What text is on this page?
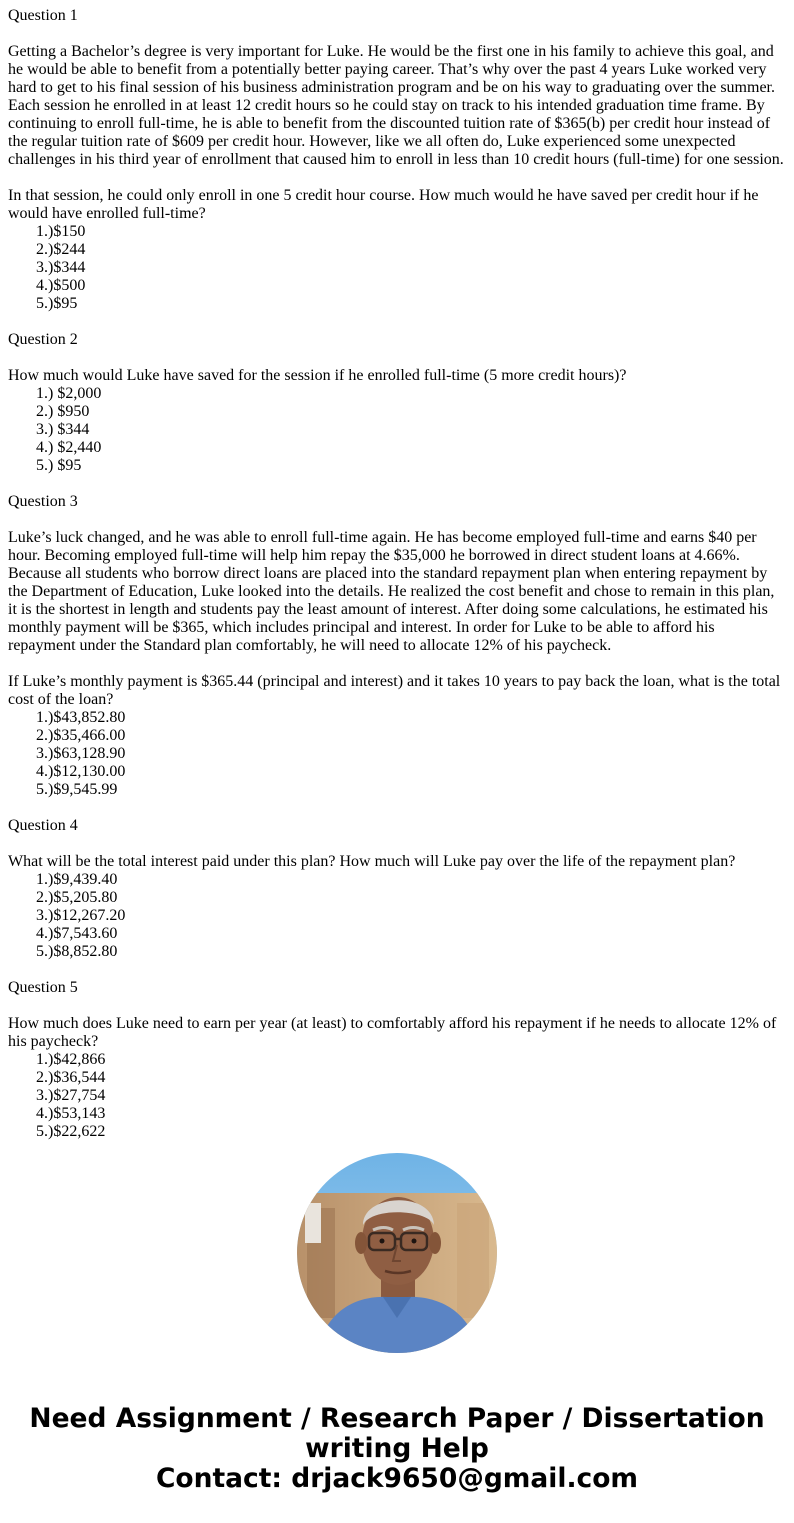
Question 1
Getting a Bachelor’s degree is very important for Luke. He would be the first one in his family to achieve this goal, and he would be able to benefit from a potentially better paying career. That’s why over the past 4 years Luke worked very hard to get to his final session of his business administration program and be on his way to graduating over the summer. Each session he enrolled in at least 12 credit hours so he could stay on track to his intended graduation time frame. By continuing to enroll full-time, he is able to benefit from the discounted tuition rate of $365(b) per credit hour instead of the regular tuition rate of $609 per credit hour. However, like we all often do, Luke experienced some unexpected challenges in his third year of enrollment that caused him to enroll in less than 10 credit hours (full-time) for one session.
In that session, he could only enroll in one 5 credit hour course. How much would he have saved per credit hour if he would have enrolled full-time?
1.)$150
2.)$244
3.)$344
4.)$500
5.)$95
Question 2
How much would Luke have saved for the session if he enrolled full-time (5 more credit hours)?
1.) $2,000
2.) $950
3.) $344
4.) $2,440
5.) $95
Question 3
Luke’s luck changed, and he was able to enroll full-time again. He has become employed full-time and earns $40 per hour. Becoming employed full-time will help him repay the $35,000 he borrowed in direct student loans at 4.66%. Because all students who borrow direct loans are placed into the standard repayment plan when entering repayment by the Department of Education, Luke looked into the details. He realized the cost benefit and chose to remain in this plan, it is the shortest in length and students pay the least amount of interest. After doing some calculations, he estimated his monthly payment will be $365, which includes principal and interest. In order for Luke to be able to afford his repayment under the Standard plan comfortably, he will need to allocate 12% of his paycheck.
If Luke’s monthly payment is $365.44 (principal and interest) and it takes 10 years to pay back the loan, what is the total cost of the loan?
1.)$43,852.80
2.)$35,466.00
3.)$63,128.90
4.)$12,130.00
5.)$9,545.99
Question 4
What will be the total interest paid under this plan? How much will Luke pay over the life of the repayment plan?
1.)$9,439.40
2.)$5,205.80
3.)$12,267.20
4.)$7,543.60
5.)$8,852.80
Question 5
How much does Luke need to earn per year (at least) to comfortably afford his repayment if he needs to allocate 12% of his paycheck?
1.)$42,866
2.)$36,544
3.)$27,754
4.)$53,143
5.)$22,622
Need Assignment / Research Paper / Dissertation
writing Help
Contact: drjack9650@gmail.com
